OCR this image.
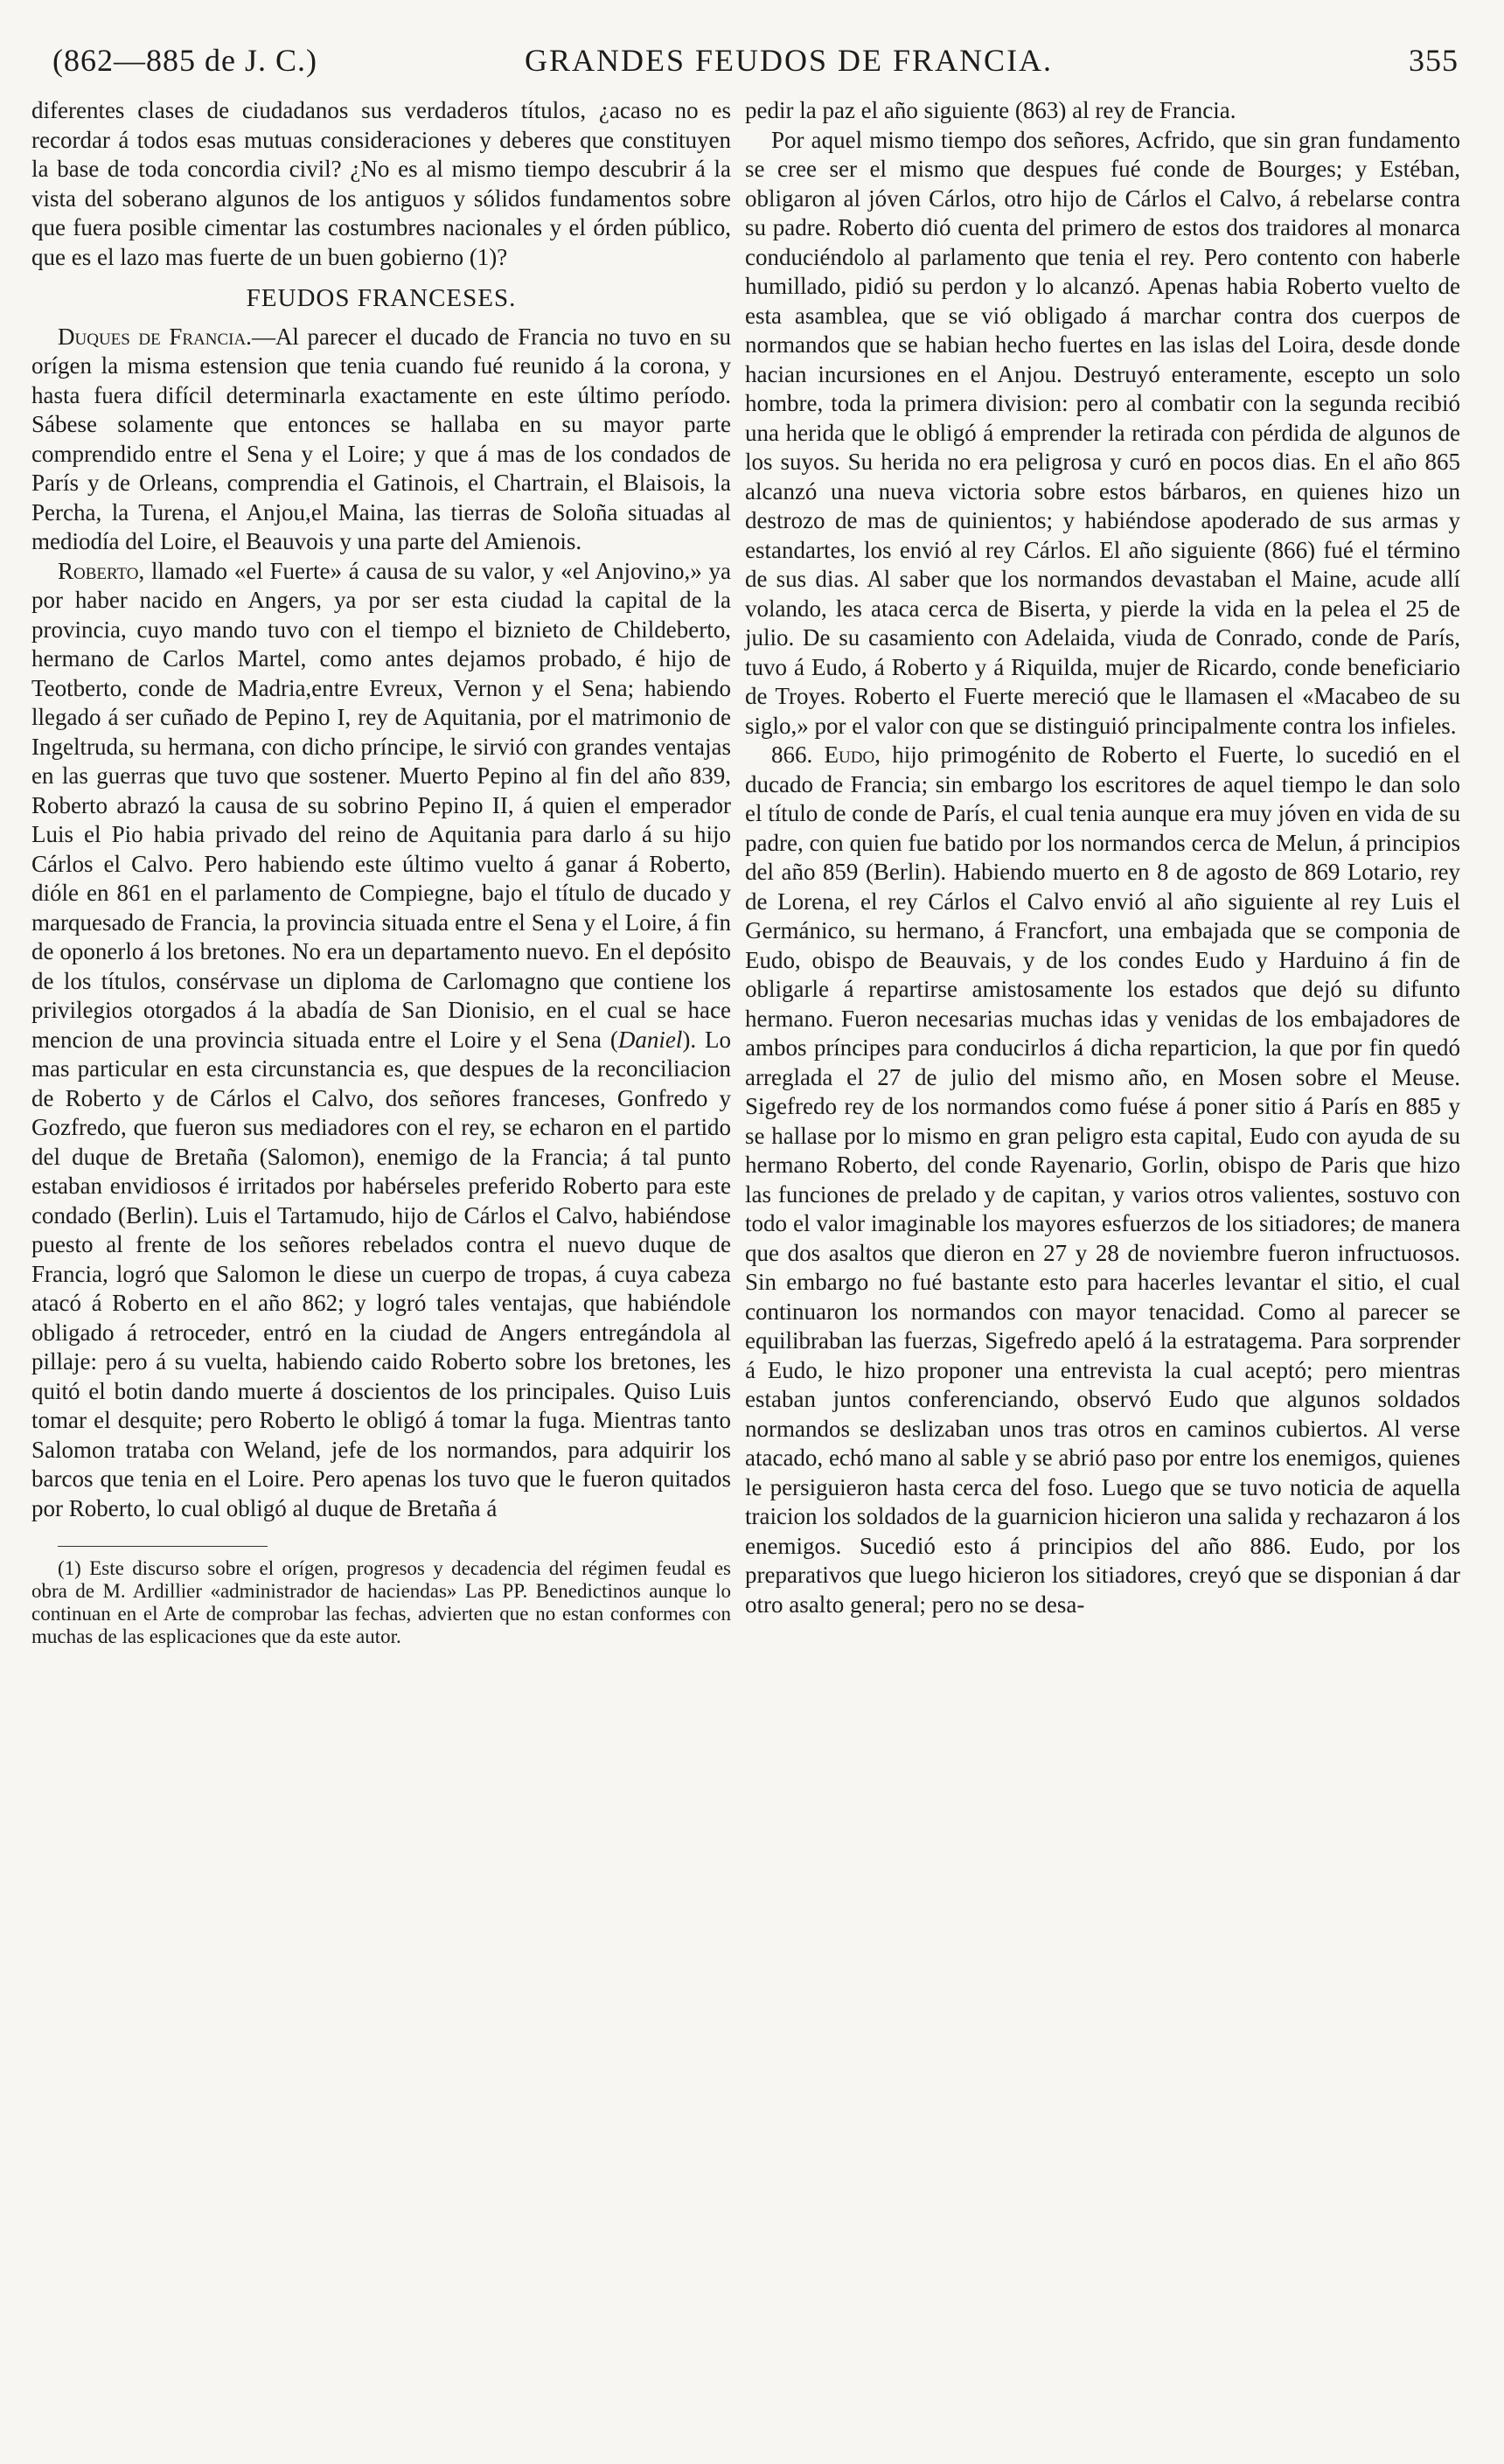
(862—885 de J. C.)	GRANDES FEUDOS DE FRANCIA.	355

diferentes clases de ciudadanos sus verdaderos títulos, ¿acaso no es recordar á todos esas mutuas consideraciones y deberes que constituyen la base de toda concordia civil? ¿No es al mismo tiempo descubrir á la vista del soberano algunos de los antiguos y sólidos fundamentos sobre que fuera posible cimentar las costumbres nacionales y el órden público, que es el lazo mas fuerte de un buen gobierno (1)?

FEUDOS FRANCESES.

Duques de Francia.—Al parecer el ducado de Francia no tuvo en su orígen la misma estension que tenia cuando fué reunido á la corona, y hasta fuera difícil determinarla exactamente en este último período. Sábese solamente que entonces se hallaba en su mayor parte comprendido entre el Sena y el Loire; y que á mas de los condados de París y de Orleans, comprendia el Gatinois, el Chartrain, el Blaisois, la Percha, la Turena, el Anjou,el Maina, las tierras de Soloña situadas al mediodía del Loire, el Beauvois y una parte del Amienois.

Roberto, llamado «el Fuerte» á causa de su valor, y «el Anjovino,» ya por haber nacido en Angers, ya por ser esta ciudad la capital de la provincia, cuyo mando tuvo con el tiempo el biznieto de Childeberto, hermano de Carlos Martel, como antes dejamos probado, é hijo de Teotberto, conde de Madria,entre Evreux, Vernon y el Sena; habiendo llegado á ser cuñado de Pepino I, rey de Aquitania, por el matrimonio de Ingeltruda, su hermana, con dicho príncipe, le sirvió con grandes ventajas en las guerras que tuvo que sostener. Muerto Pepino al fin del año 839, Roberto abrazó la causa de su sobrino Pepino II, á quien el emperador Luis el Pio habia privado del reino de Aquitania para darlo á su hijo Cárlos el Calvo. Pero habiendo este último vuelto á ganar á Roberto, dióle en 861 en el parlamento de Compiegne, bajo el título de ducado y marquesado de Francia, la provincia situada entre el Sena y el Loire, á fin de oponerlo á los bretones. No era un departamento nuevo. En el depósito de los títulos, consérvase un diploma de Carlomagno que contiene los privilegios otorgados á la abadía de San Dionisio, en el cual se hace mencion de una provincia situada entre el Loire y el Sena (Daniel). Lo mas particular en esta circunstancia es, que despues de la reconciliacion de Roberto y de Cárlos el Calvo, dos señores franceses, Gonfredo y Gozfredo, que fueron sus mediadores con el rey, se echaron en el partido del duque de Bretaña (Salomon), enemigo de la Francia; á tal punto estaban envidiosos é irritados por habérseles preferido Roberto para este condado (Berlin). Luis el Tartamudo, hijo de Cárlos el Calvo, habiéndose puesto al frente de los señores rebelados contra el nuevo duque de Francia, logró que Salomon le diese un cuerpo de tropas, á cuya cabeza atacó á Roberto en el año 862; y logró tales ventajas, que habiéndole obligado á retroceder, entró en la ciudad de Angers entregándola al pillaje: pero á su vuelta, habiendo caido Roberto sobre los bretones, les quitó el botin dando muerte á doscientos de los principales. Quiso Luis tomar el desquite; pero Roberto le obligó á tomar la fuga. Mientras tanto Salomon trataba con Weland, jefe de los normandos, para adquirir los barcos que tenia en el Loire. Pero apenas los tuvo que le fueron quitados por Roberto, lo cual obligó al duque de Bretaña á

(1) Este discurso sobre el orígen, progresos y decadencia del régimen feudal es obra de M. Ardillier «administrador de haciendas» Las PP. Benedictinos aunque lo continuan en el Arte de comprobar las fechas, advierten que no estan conformes con muchas de las esplicaciones que da este autor.

pedir la paz el año siguiente (863) al rey de Francia.

Por aquel mismo tiempo dos señores, Acfrido, que sin gran fundamento se cree ser el mismo que despues fué conde de Bourges; y Estéban, obligaron al jóven Cárlos, otro hijo de Cárlos el Calvo, á rebelarse contra su padre. Roberto dió cuenta del primero de estos dos traidores al monarca conduciéndolo al parlamento que tenia el rey. Pero contento con haberle humillado, pidió su perdon y lo alcanzó. Apenas habia Roberto vuelto de esta asamblea, que se vió obligado á marchar contra dos cuerpos de normandos que se habian hecho fuertes en las islas del Loira, desde donde hacian incursiones en el Anjou. Destruyó enteramente, escepto un solo hombre, toda la primera division: pero al combatir con la segunda recibió una herida que le obligó á emprender la retirada con pérdida de algunos de los suyos. Su herida no era peligrosa y curó en pocos dias. En el año 865 alcanzó una nueva victoria sobre estos bárbaros, en quienes hizo un destrozo de mas de quinientos; y habiéndose apoderado de sus armas y estandartes, los envió al rey Cárlos. El año siguiente (866) fué el término de sus dias. Al saber que los normandos devastaban el Maine, acude allí volando, les ataca cerca de Biserta, y pierde la vida en la pelea el 25 de julio. De su casamiento con Adelaida, viuda de Conrado, conde de París, tuvo á Eudo, á Roberto y á Riquilda, mujer de Ricardo, conde beneficiario de Troyes. Roberto el Fuerte mereció que le llamasen el «Macabeo de su siglo,» por el valor con que se distinguió principalmente contra los infieles.

866. Eudo, hijo primogénito de Roberto el Fuerte, lo sucedió en el ducado de Francia; sin embargo los escritores de aquel tiempo le dan solo el título de conde de París, el cual tenia aunque era muy jóven en vida de su padre, con quien fue batido por los normandos cerca de Melun, á principios del año 859 (Berlin). Habiendo muerto en 8 de agosto de 869 Lotario, rey de Lorena, el rey Cárlos el Calvo envió al año siguiente al rey Luis el Germánico, su hermano, á Francfort, una embajada que se componia de Eudo, obispo de Beauvais, y de los condes Eudo y Harduino á fin de obligarle á repartirse amistosamente los estados que dejó su difunto hermano. Fueron necesarias muchas idas y venidas de los embajadores de ambos príncipes para conducirlos á dicha reparticion, la que por fin quedó arreglada el 27 de julio del mismo año, en Mosen sobre el Meuse. Sigefredo rey de los normandos como fuése á poner sitio á París en 885 y se hallase por lo mismo en gran peligro esta capital, Eudo con ayuda de su hermano Roberto, del conde Rayenario, Gorlin, obispo de Paris que hizo las funciones de prelado y de capitan, y varios otros valientes, sostuvo con todo el valor imaginable los mayores esfuerzos de los sitiadores; de manera que dos asaltos que dieron en 27 y 28 de noviembre fueron infructuosos. Sin embargo no fué bastante esto para hacerles levantar el sitio, el cual continuaron los normandos con mayor tenacidad. Como al parecer se equilibraban las fuerzas, Sigefredo apeló á la estratagema. Para sorprender á Eudo, le hizo proponer una entrevista la cual aceptó; pero mientras estaban juntos conferenciando, observó Eudo que algunos soldados normandos se deslizaban unos tras otros en caminos cubiertos. Al verse atacado, echó mano al sable y se abrió paso por entre los enemigos, quienes le persiguieron hasta cerca del foso. Luego que se tuvo noticia de aquella traicion los soldados de la guarnicion hicieron una salida y rechazaron á los enemigos. Sucedió esto á principios del año 886. Eudo, por los preparativos que luego hicieron los sitiadores, creyó que se disponian á dar otro asalto general; pero no se desa-
